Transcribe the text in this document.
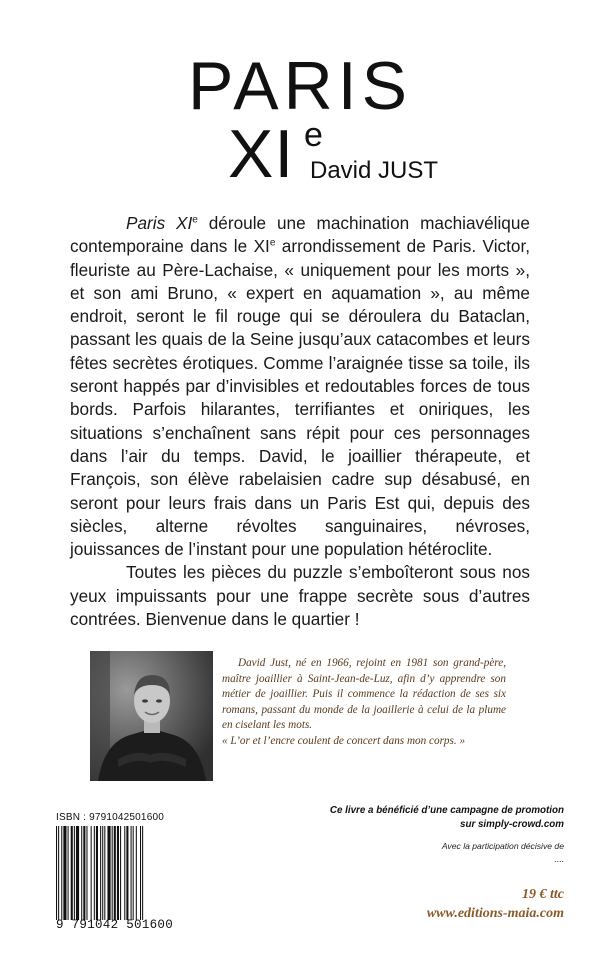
PARIS
XI e
David JUST

Paris XIe déroule une machination machiavélique contemporaine dans le XIe arrondissement de Paris. Victor, fleuriste au Père-Lachaise, « uniquement pour les morts », et son ami Bruno, « expert en aquamation », au même endroit, seront le fil rouge qui se déroulera du Bataclan, passant les quais de la Seine jusqu’aux catacombes et leurs fêtes secrètes érotiques. Comme l’araignée tisse sa toile, ils seront happés par d’invisibles et redoutables forces de tous bords. Parfois hilarantes, terrifiantes et oniriques, les situations s’enchaînent sans répit pour ces personnages dans l’air du temps. David, le joaillier thérapeute, et François, son élève rabelaisien cadre sup désabusé, en seront pour leurs frais dans un Paris Est qui, depuis des siècles, alterne révoltes sanguinaires, névroses, jouissances de l’instant pour une population hétéroclite.

Toutes les pièces du puzzle s’emboîteront sous nos yeux impuissants pour une frappe secrète sous d’autres contrées. Bienvenue dans le quartier !

David Just, né en 1966, rejoint en 1981 son grand-père, maître joaillier à Saint-Jean-de-Luz, afin d’y apprendre son métier de joaillier. Puis il commence la rédaction de ses six romans, passant du monde de la joaillerie à celui de la plume en ciselant les mots.

« L’or et l’encre coulent de concert dans mon corps. »

ISBN : 9791042501600
9 791042 501600
Ce livre a bénéficié d’une campagne de promotion
sur simply-crowd.com
Avec la participation décisive de
....
19 € ttc
www.editions-maia.com
